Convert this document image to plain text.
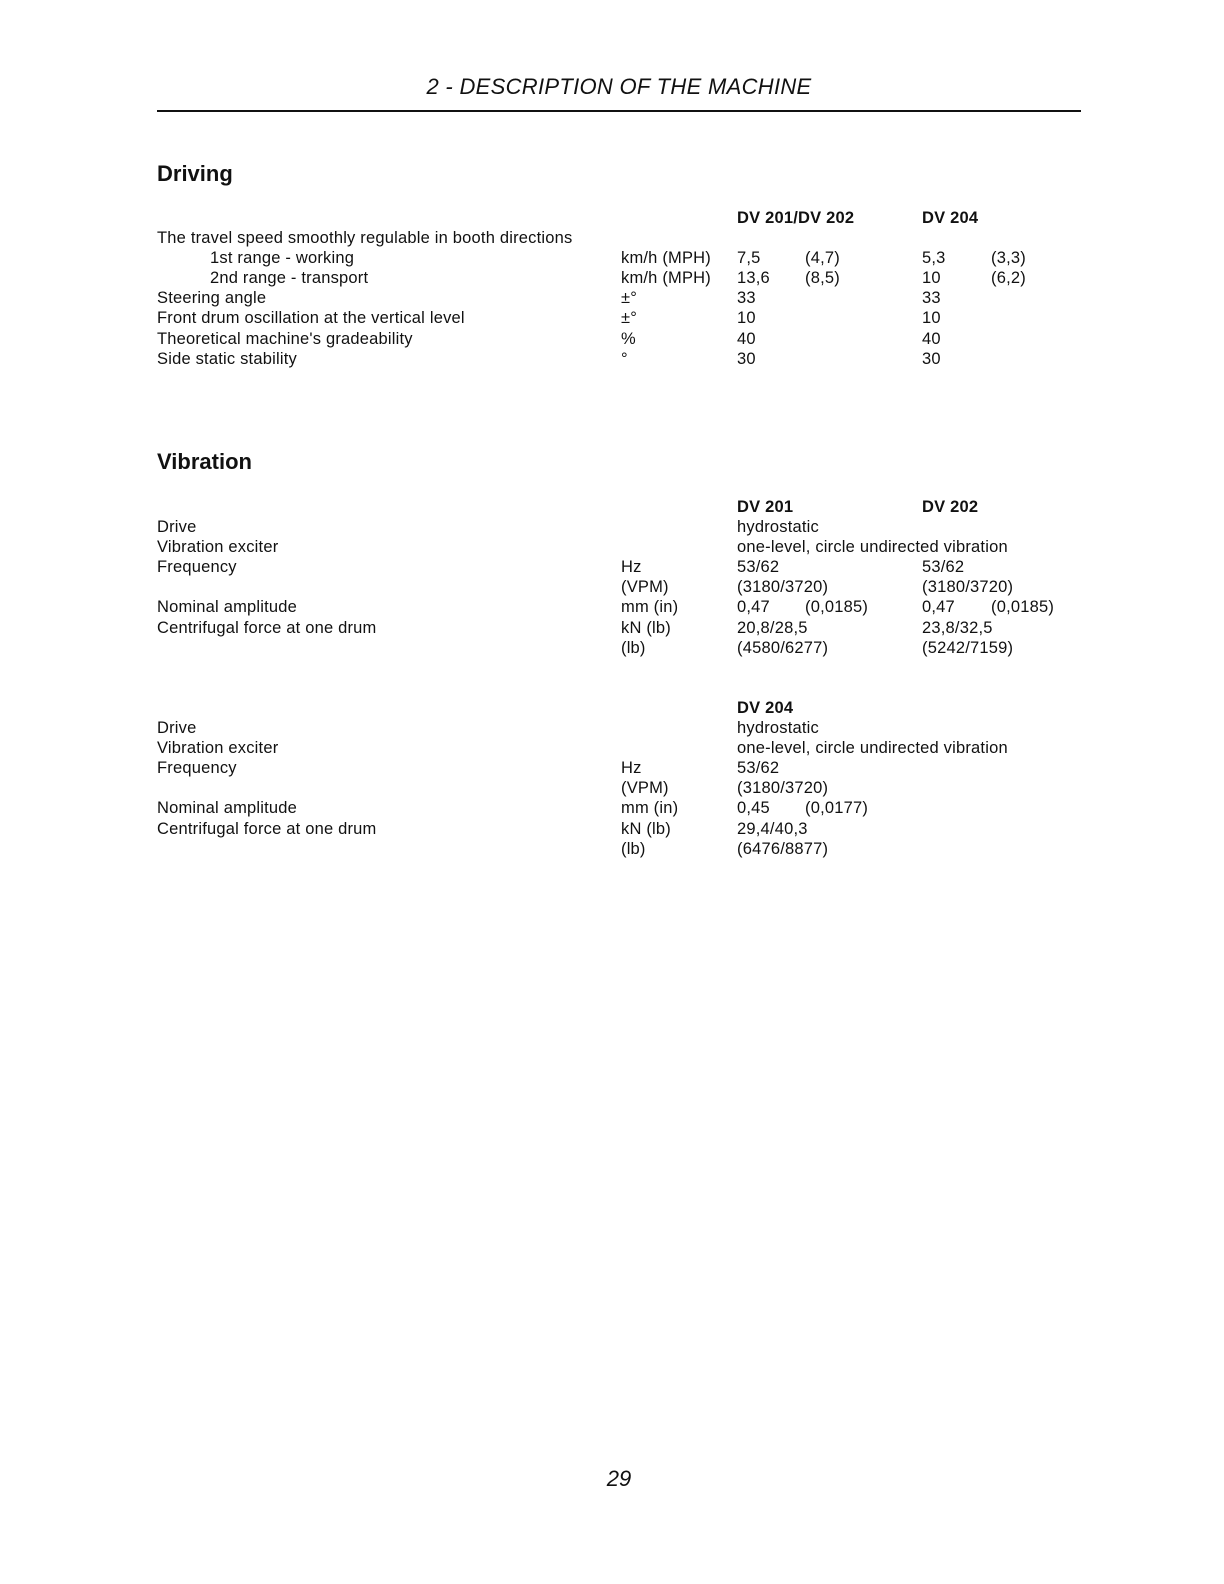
2 - DESCRIPTION OF THE MACHINE
Driving
		DV 201/DV 202		DV 204	
The travel speed smoothly regulable in booth directions					
1st range - working	km/h (MPH)	7,5	(4,7)	5,3	(3,3)
2nd range - transport	km/h (MPH)	13,6	(8,5)	10	(6,2)
Steering angle	±°	33		33	
Front drum oscillation at the vertical level	±°	10		10	
Theoretical machine's gradeability	%	40		40	
Side static stability	°	30		30	
Vibration
		DV 201		DV 202	
Drive		hydrostatic			
Vibration exciter		one-level, circle undirected vibration			
Frequency	Hz	53/62		53/62	
	(VPM)	(3180/3720)		(3180/3720)	
Nominal amplitude	mm (in)	0,47	(0,0185)	0,47	(0,0185)
Centrifugal force at one drum	kN (lb)	20,8/28,5		23,8/32,5	
	(lb)	(4580/6277)		(5242/7159)	
		DV 204			
Drive		hydrostatic			
Vibration exciter		one-level, circle undirected vibration			
Frequency	Hz	53/62			
	(VPM)	(3180/3720)			
Nominal amplitude	mm (in)	0,45	(0,0177)		
Centrifugal force at one drum	kN (lb)	29,4/40,3			
	(lb)	(6476/8877)			
29
